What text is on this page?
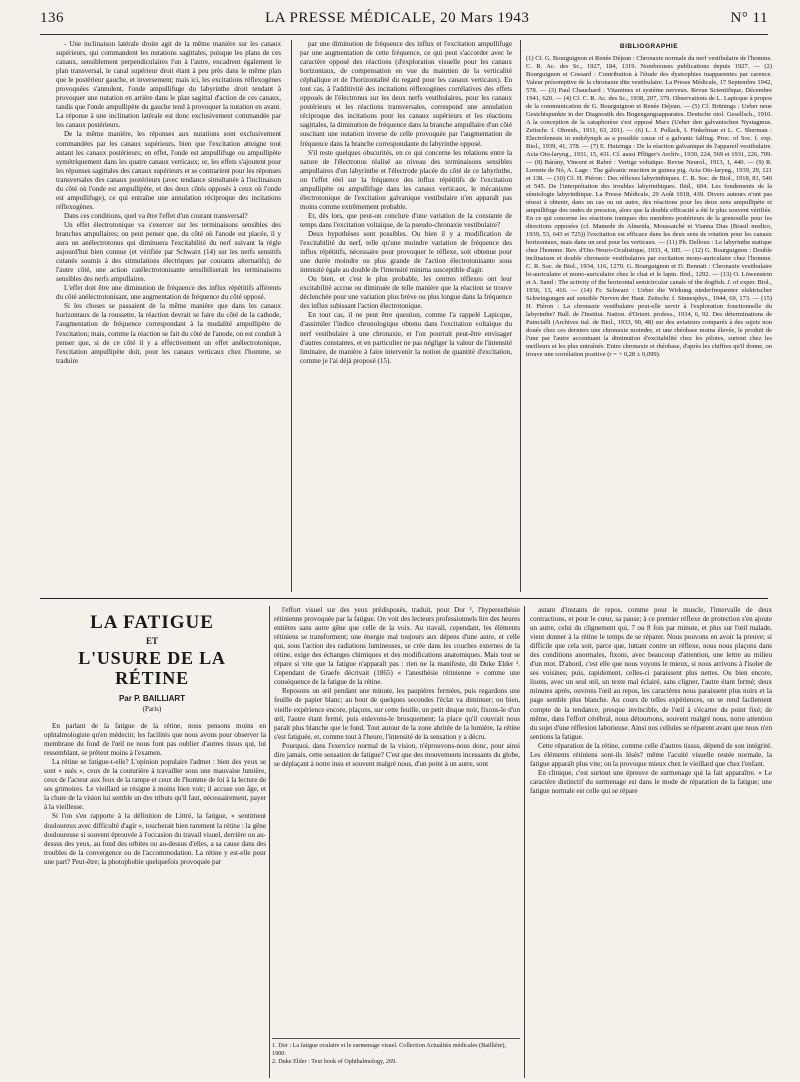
136	LA PRESSE MÉDICALE, 20 Mars 1943	N° 11

- Une inclinaison latérale droite agit de la même manière sur les canaux supérieurs, qui commandent les nutations sagittales, puisque les plans de ces canaux, sensiblement perpendiculaires l'un à l'autre, encadrent également le plan transversal, le canal supérieur droit étant à peu près dans le même plan que le postérieur gauche, et inversement; mais ici, les excitations réflexogènes provoquées s'annulent, l'onde ampullifuge du labyrinthe droit tendant à provoquer une nutation en arrière dans le plan sagittal d'action de ces canaux, tandis que l'onde ampullipète du gauche tend à provoquer la nutation en avant. La réponse à une inclination latérale est donc exclusivement commandée par les canaux postérieurs.

De la même manière, les réponses aux nutations sont exclusivement commandées par les canaux supérieurs, bien que l'excitation atteigne tout autant les canaux postérieurs; en effet, l'onde est ampullifuge ou ampullipète symétriquement dans les quatre canaux verticaux; or, les effets s'ajoutent pour les réponses sagittales des canaux supérieurs et se contrarient pour les réponses transversales des canaux postérieurs (avec tendance simultanée à l'inclinaison du côté où l'onde est ampullipète, et des deux côtés opposés à ceux où l'onde est ampullifuge), ce qui entraîne une annulation réciproque des incitations réflexogènes.

Dans ces conditions, quel va être l'effet d'un courant transversal?

Un effet électrotonique va s'exercer sur les terminaisons sensibles des branches ampullaires; on peut penser que, du côté où l'anode est placée, il y aura un anélectrotonus qui diminuera l'excitabilité du nerf suivant la règle aujourd'hui bien connue (et vérifiée par Schwarz (14) sur les nerfs sensitifs cutanés soumis à des stimulations électriques par courants alternatifs); de l'autre côté, une action catélectrotonisante sensibiliserait les terminaisons sensibles des nerfs ampullaires.

L'effet doit être une diminution de fréquence des influx répétitifs afférents du côté anélectrotonisant, une augmentation de fréquence du côté opposé.

Si les choses se passaient de la même manière que dans les canaux horizontaux de la roussette, la réaction devrait se faire du côté de la cathode, l'augmentation de fréquence correspondant à la modalité ampullipète de l'excitation; mais, comme la réaction se fait du côté de l'anode, on est conduit à penser que, si de ce côté il y a effectivement un effet anélectrotonique, l'excitation ampullipète doit, pour les canaux verticaux chez l'homme, se traduire

par une diminution de fréquence des influx et l'excitation ampullifuge par une augmentation de cette fréquence, ce qui peut s'accorder avec le caractère opposé des réactions (d'exploration visuelle pour les canaux horizontaux, de compensation en vue du maintien de la verticalité céphalique et de l'horizontalité du regard pour les canaux verticaux). En tout cas, à l'additivité des incitations réflexogènes corrélatives des effets opposés de l'électronus sur les deux nerfs vestibulaires, pour les canaux postérieurs et les réactions transversales, correspond une annulation réciproque des incitations pour les canaux supérieurs et les réactions sagittales, la diminution de fréquence dans la branche ampullaire d'un côté suscitant une nutation inverse de celle provoquée par l'augmentation de fréquence dans la branche correspondante du labyrinthe opposé.

S'il reste quelques obscurités, en ce qui concerne les relations entre la nature de l'électronus réalisé au niveau des terminaisons sensibles ampullaires d'un labyrinthe et l'électrode placée du côté de ce labyrinthe, on l'effet réel sur la fréquence des influx répétitifs de l'excitation ampullipète ou ampullifuge dans les canaux verticaux, le mécanisme électrotonique de l'excitation galvanique vestibulaire n'en apparaît pas moins comme extrêmement probable.

Et, dès lors, que peut-on conclure d'une variation de la constante de temps dans l'excitation voltaïque, de la pseudo-chronaxie vestibulaire?

Deux hypothèses sont possibles. Ou bien il y a modification de l'excitabilité du nerf, telle qu'une moindre variation de fréquence des influx répétitifs, nécessaire pour provoquer le réflexe, soit obtenue pour une durée moindre ou plus grande de l'action électrotonisante sous intensité égale au double de l'intensité minima susceptible d'agir.

Ou bien, et c'est le plus probable, les centres réflexes ont leur excitabilité accrue ou diminuée de telle manière que la réaction se trouve déclenchée pour une variation plus brève ou plus longue dans la fréquence des influx subissant l'action électrotonique.

En tout cas, il ne peut être question, comme l'a rappelé Lapicque, d'assimiler l'indice chronologique obtenu dans l'excitation voltaïque du nerf vestibulaire à une chronaxie, et l'on pourrait peut-être envisager d'autres constantes, et en particulier ne pas négliger la valeur de l'intensité liminaire, de manière à faire intervenir la notion de quantité d'excitation, comme je l'ai déjà proposé (15).

BIBLIOGRAPHIE
(1) Cf. G. Bourguignon et Renée Déjean : Chronaxie normale du nerf vestibulaire de l'homme. C. R. Ac. des Sc., 1927, 184, 1319. Nombreuses publications depuis 1927. — (2) Bourguignon et Cossard : Contribution à l'étude des dystrophies inapparentes par carence. Valeur présomptive de la chronaxie dite vestibulaire. La Presse Médicale, 17 Septembre 1942, 578. — (3) Paul Chauchard : Vitamines et système nerveux. Revue Scientifique, Décembre 1941, 620. — (4) Cf. C. R. Ac. des Sc., 1938, 207, 379. Observations de L. Lapicque à propos de la communication de G. Bourguignon et Renée Déjean. — (5) Cf. Brünings : Ueber neue Gesichtspunkte in der Diagnostik des Bogengangsapparates. Deutsche otol. Gesellsch., 1910. A la conception de la cataphorèse s'est opposé Marx (Ueber den galvanischen Nystagmus. Zeitschr. f. Ohrenh., 1911, 63, 201). — (6) L. J. Pollack, I. Finkelman et L. C. Sherman : Electrolenesis in endolymph as a possible cause of a galvanic falling. Proc. of Soc. f. exp. Biol., 1939, 41, 378. — (7) E. Huizinga : De la réaction galvanique de l'appareil vestibulaire. Acta Oto-laryng., 1931, 15, 431. Cf. aussi Pflüger's Archiv., 1930, 224, 569 et 1931, 226, 709. — (8) Bárány, Vincent et Rabré : Vertige voltaïque. Revue Neurol., 1913, 1, 440. — (9) R. Lorente de Nó, A. Lage : The galvanic reaction in guinea pig. Acta Oto-laryng., 1939, 29, 121 et 138. — (10) Cf. H. Piéron : Des réflexes labyrinthiques. C. R. Soc. de Biol., 1918, 81, 540 et 545. De l'interprétation des troubles labyrinthiques. Ibid., 604. Les fondements de la sémiologie labyrinthique. La Presse Médicale, 29 Août 1918, 439. Divers auteurs n'ont pas réussi à obtenir, dans un cas ou un autre, des réactions pour les deux sens ampullipète et ampullifuge des ondes de pression, alors que la double efficacité a été le plus souvent vérifiée. En ce qui concerne les réactions toniques des membres postérieurs de la grenouille pour les directions opposées (cf. Mamede de Almeida, Moussatché et Vianna Dias (Brasil medico, 1939, 53, 643 et 725)) l'excitation est efficace dans les deux sens de rotation pour les canaux horizontaux, mais dans un seul pour les verticaux. — (11) Ph. Delloux : Le labyrinthe statique chez l'homme. Rev. d'Oto-Neuro-Oculistique, 1933, 4, 185. — (12) G. Bourguignon : Double inclinaison et double chronaxie vestibulaires par excitation mono-auriculaire chez l'homme. C. R. Soc. de Biol., 1934, 116, 1270. G. Bourguignon et D. Bennati : Chronaxie vestibulaire bi-auriculaire et mono-auriculaire chez le chat et le lapin. Ibid., 1292. — (13) O. Löwenstein et A. Sand : The activity of the horizontal semicircular canals of the dogfish. J. of exper. Biol., 1936, 13, 416. — (14) Fr. Schwarz : Ueber die Wirkung niederfrequenter elektrischer Schwingungen auf sensible Nerven der Haut. Zeitschr. f. Sinnesphys., 1944, 69, 173. — (15) H. Piéron : La chronaxie vestibulaire peut-elle servir à l'exploration fonctionnelle du labyrinthe? Bull. de l'Institut. Nation. d'Orient. profess., 1934, 6, 92. Des déterminations de Paincialli (Archives ital. de Biol., 1933, 90, 48) sur des aviateurs comparés à des sujets non doués chez ces derniers une chronaxie moindre, et une rhéobase moins élevée, le produit de l'une par l'autre accentuant la diminution d'excitabilité chez les pilotes, surtout chez les meilleurs et les plus entraînés. Entre chronaxie et rhéobase, d'après les chiffres qu'il donne, on trouve une corrélation positive (r = + 0,28 ± 0,099).
LA FATIGUE
ET
L'USURE DE LA RÉTINE
Par P. BAILLIART
(Paris)

En parlant de la fatigue de la rétine, nous pensons moins en ophtalmologiste qu'en médecin; les facilités que nous avons pour observer la membrane du fond de l'œil ne nous font pas oublier d'autres tissus qui, lui ressemblant, se prêtent moins à l'examen.

La rétine se fatigue-t-elle? L'opinion populaire l'admet : bien des yeux se sont « usés », ceux de la couturière à travailler sous une mauvaise lumière, ceux de l'acteur aux feux de la rampe et ceux de l'homme de loi à la lecture de ses grimoires. Le vieillard se résigne à moins bien voir; il accuse son âge, et la chute de la vision lui semble un des tributs qu'il faut, nécessairement, payer à la vieillesse.

Si l'on s'en rapporte à la définition de Littré, la fatigue, « sentiment douloureux avec difficulté d'agir », toucherait bien rarement la rétine : la gêne douloureuse si souvent éprouvée à l'occasion du travail visuel, derrière ou au-dessus des yeux, au fond des orbites ou au-dessus d'elles, a sa cause dans des troubles de la convergence ou de l'accommodation. La rétine y est-elle pour une part? Peut-être; la photophobie quelquefois provoquée par

l'effort visuel sur des yeux prédisposés, traduit, pour Dor ¹, l'hyperesthésie rétinienne provoquée par la fatigue. On voit des lecteurs professionnels lire des heures entières sans autre gêne que celle de la voix. Au travail, cependant, les éléments rétiniens se transforment; une énergie mal toujours aux dépens d'une autre, et celle qui, sous l'action des radiations lumineuses, se crée dans les couches externes de la rétine, exige des échanges chimiques et des modifications anatomiques. Mais tout se répare si vite que la fatigue n'apparaît pas : rien ne la manifeste, dit Duke Elder ². Cependant de Graefe décrivait (1865) « l'anesthésie rétinienne » comme une conséquence de la fatigue de la rétine.

Reposons un œil pendant une minute, les paupières fermées, puis regardons une feuille de papier blanc; au bout de quelques secondes l'éclat va diminuer; ou bien, vieille expérience encore, plaçons, sur cette feuille, un petit disque noir, fixons-le d'un œil, l'autre étant fermé, puis enlevons-le brusquement; la place qu'il couvrait nous paraît plus blanche que le fond. Tout autour de la zone abritée de la lumière, la rétine s'est fatiguée, et, comme tout à l'heure, l'intensité de la sensation y a décru.

Pourquoi, dans l'exercice normal de la vision, n'éprouvons-nous donc, pour ainsi dire jamais, cette sensation de fatigue? C'est que des mouvements incessants du globe, se déplaçant à notre insu et souvent malgré nous, d'un point à un autre, sont

1. Dor : La fatigue oculaire et le surmenage visuel. Collection Actualités médicales (Baillière), 1900.
2. Duke Elder : Text book of Ophthalmology, 269.

autant d'instants de repos, comme pour le muscle, l'intervalle de deux contractions, et pour le cœur, sa pause; à ce premier réflexe de protection s'en ajoute un autre, celui du clignement qui, 7 ou 8 fois par minute, et plus sur l'œil malade, vient donner à la rétine le temps de se réparer. Nous pouvons en avoir la preuve; si difficile que cela soit, parce que, luttant contre un réflexe, nous nous plaçons dans des conditions anormales, fixons, avec beaucoup d'attention, une lettre au milieu d'un mot. D'abord, c'est elle que nous voyons le mieux, si nous arrivons à l'isoler de ses voisines; puis, rapidement, celles-ci paraissent plus nettes. Ou bien encore, lisons, avec un seul œil, un texte mal éclairé, sans cligner, l'autre étant fermé; deux minutes après, ouvrons l'œil au repos, les caractères nous paraissent plus noirs et la page semble plus blanche. Au cours de telles expériences, on se rend facilement compte de la tendance, presque invincible, de l'œil à s'écarter du point fixé; de même, dans l'effort cérébral, nous détournons, souvent malgré nous, notre attention du sujet d'une réflexion laborieuse. Ainsi nos cellules se réparent avant que nous n'en sentions la fatigue.

Cette réparation de la rétine, comme celle d'autres tissus, dépend de son intégrité. Les éléments rétiniens sont-ils lésés? même l'acuité visuelle restée normale, la fatigue apparaît plus vite; on la provoque mieux chez le vieillard que chez l'enfant.

En clinique, c'est surtout une épreuve de surmenage qui la fait apparaître. « Le caractère distinctif du surmenage est dans le mode de réparation de la fatigue; une fatigue normale est celle qui se répare
